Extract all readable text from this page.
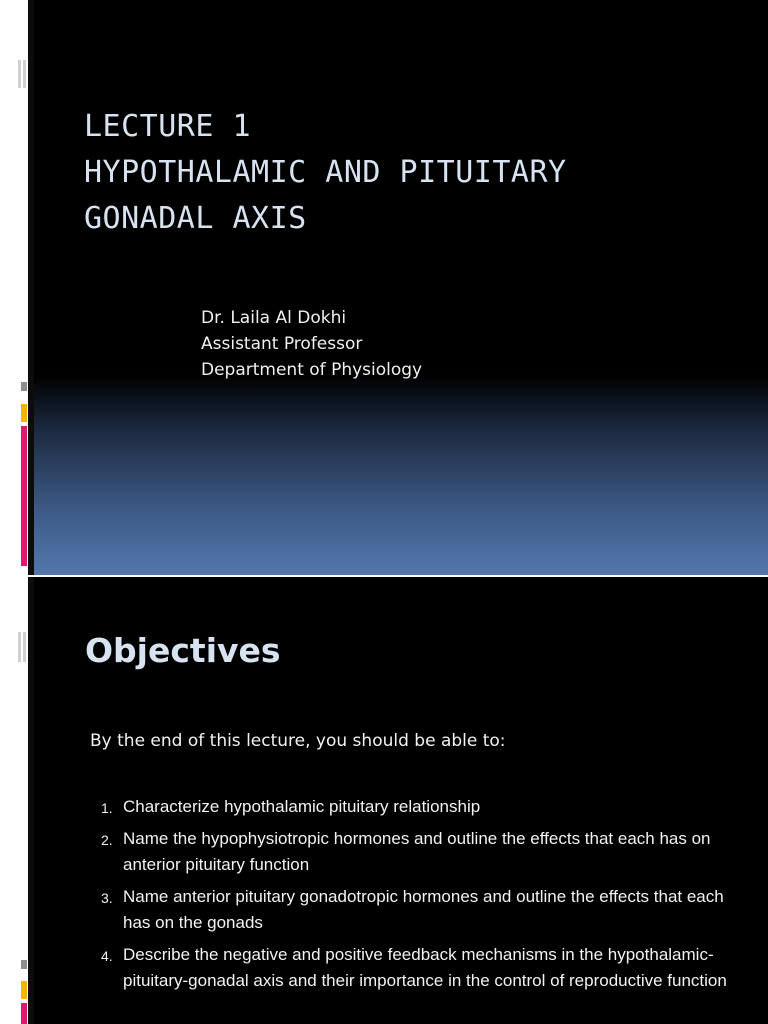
LECTURE 1
HYPOTHALAMIC AND PITUITARY
GONADAL AXIS
Dr. Laila Al Dokhi
Assistant Professor
Department of Physiology
Objectives
By the end of this lecture, you should be able to:
1. Characterize hypothalamic pituitary relationship
2. Name the hypophysiotropic hormones and outline the effects that each has on anterior pituitary function
3. Name anterior pituitary gonadotropic hormones and outline the effects that each has on the gonads
4. Describe the negative and positive feedback mechanisms in the hypothalamic-pituitary-gonadal axis and their importance in the control of reproductive function
